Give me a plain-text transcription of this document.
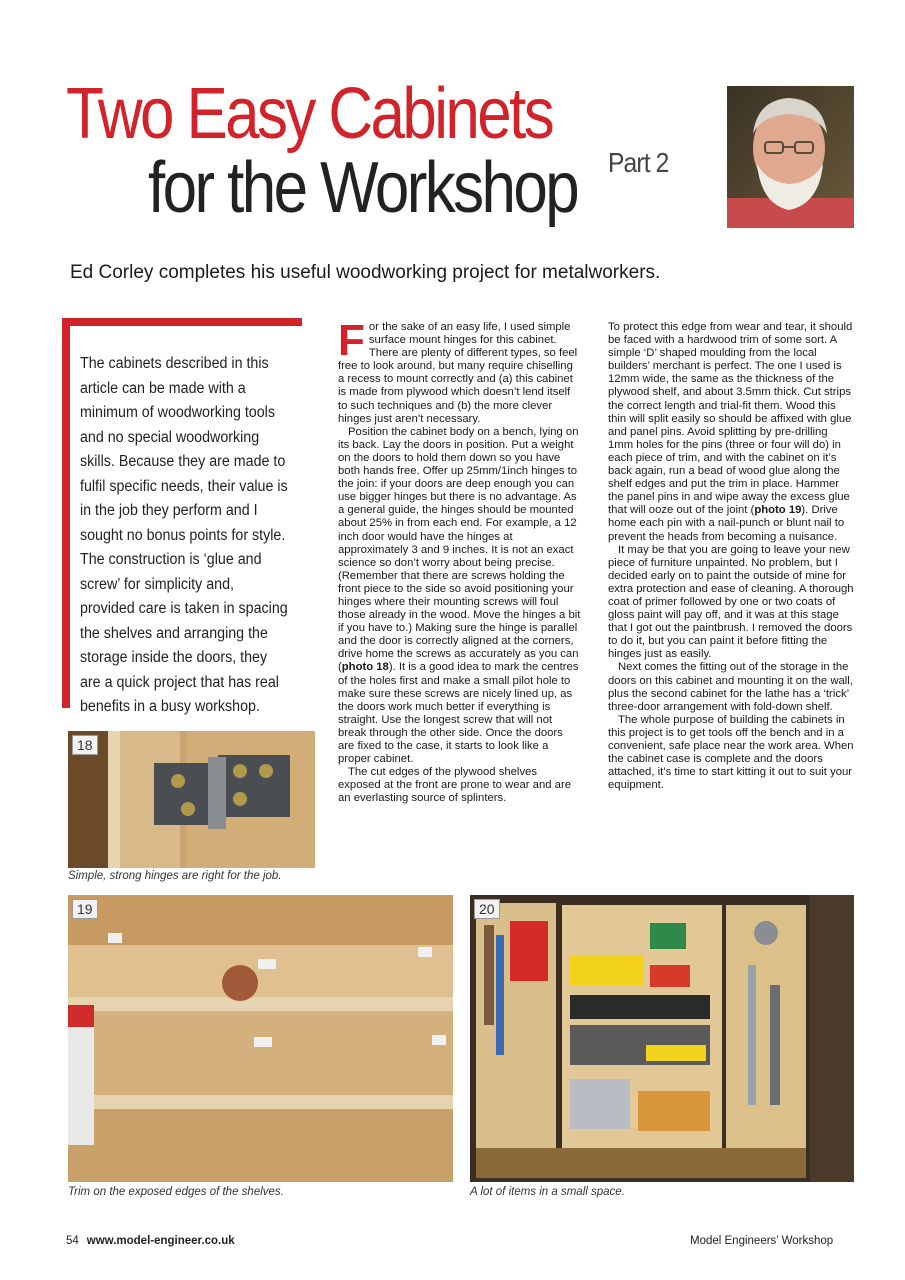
Two Easy Cabinets
for the Workshop Part 2
Ed Corley completes his useful woodworking project for metalworkers.
The cabinets described in this article can be made with a minimum of woodworking tools and no special woodworking skills. Because they are made to fulfil specific needs, their value is in the job they perform and I sought no bonus points for style. The construction is ‘glue and screw’ for simplicity and, provided care is taken in spacing the shelves and arranging the storage inside the doors, they are a quick project that has real benefits in a busy workshop.

For the sake of an easy life, I used simple surface mount hinges for this cabinet. There are plenty of different types, so feel free to look around, but many require chiselling a recess to mount correctly and (a) this cabinet is made from plywood which doesn’t lend itself to such techniques and (b) the more clever hinges just aren’t necessary.

Position the cabinet body on a bench, lying on its back. Lay the doors in position. Put a weight on the doors to hold them down so you have both hands free. Offer up 25mm/1inch hinges to the join: if your doors are deep enough you can use bigger hinges but there is no advantage. As a general guide, the hinges should be mounted about 25% in from each end. For example, a 12 inch door would have the hinges at approximately 3 and 9 inches. It is not an exact science so don’t worry about being precise. (Remember that there are screws holding the front piece to the side so avoid positioning your hinges where their mounting screws will foul those already in the wood. Move the hinges a bit if you have to.) Making sure the hinge is parallel and the door is correctly aligned at the corners, drive home the screws as accurately as you can (photo 18). It is a good idea to mark the centres of the holes first and make a small pilot hole to make sure these screws are nicely lined up, as the doors work much better if everything is straight. Use the longest screw that will not break through the other side. Once the doors are fixed to the case, it starts to look like a proper cabinet.

The cut edges of the plywood shelves exposed at the front are prone to wear and are an everlasting source of splinters.

To protect this edge from wear and tear, it should be faced with a hardwood trim of some sort. A simple ‘D’ shaped moulding from the local builders’ merchant is perfect. The one I used is 12mm wide, the same as the thickness of the plywood shelf, and about 3.5mm thick. Cut strips the correct length and trial-fit them. Wood this thin will split easily so should be affixed with glue and panel pins. Avoid splitting by pre-drilling 1mm holes for the pins (three or four will do) in each piece of trim, and with the cabinet on it’s back again, run a bead of wood glue along the shelf edges and put the trim in place. Hammer the panel pins in and wipe away the excess glue that will ooze out of the joint (photo 19). Drive home each pin with a nail-punch or blunt nail to prevent the heads from becoming a nuisance.

It may be that you are going to leave your new piece of furniture unpainted. No problem, but I decided early on to paint the outside of mine for extra protection and ease of cleaning. A thorough coat of primer followed by one or two coats of gloss paint will pay off, and it was at this stage that I got out the paintbrush. I removed the doors to do it, but you can paint it before fitting the hinges just as easily.

Next comes the fitting out of the storage in the doors on this cabinet and mounting it on the wall, plus the second cabinet for the lathe has a ‘trick’ three-door arrangement with fold-down shelf.

The whole purpose of building the cabinets in this project is to get tools off the bench and in a convenient, safe place near the work area. When the cabinet case is complete and the doors attached, it’s time to start kitting it out to suit your equipment.

18
Simple, strong hinges are right for the job.
19
Trim on the exposed edges of the shelves.
20
A lot of items in a small space.
54 www.model-engineer.co.uk	Model Engineers’ Workshop
